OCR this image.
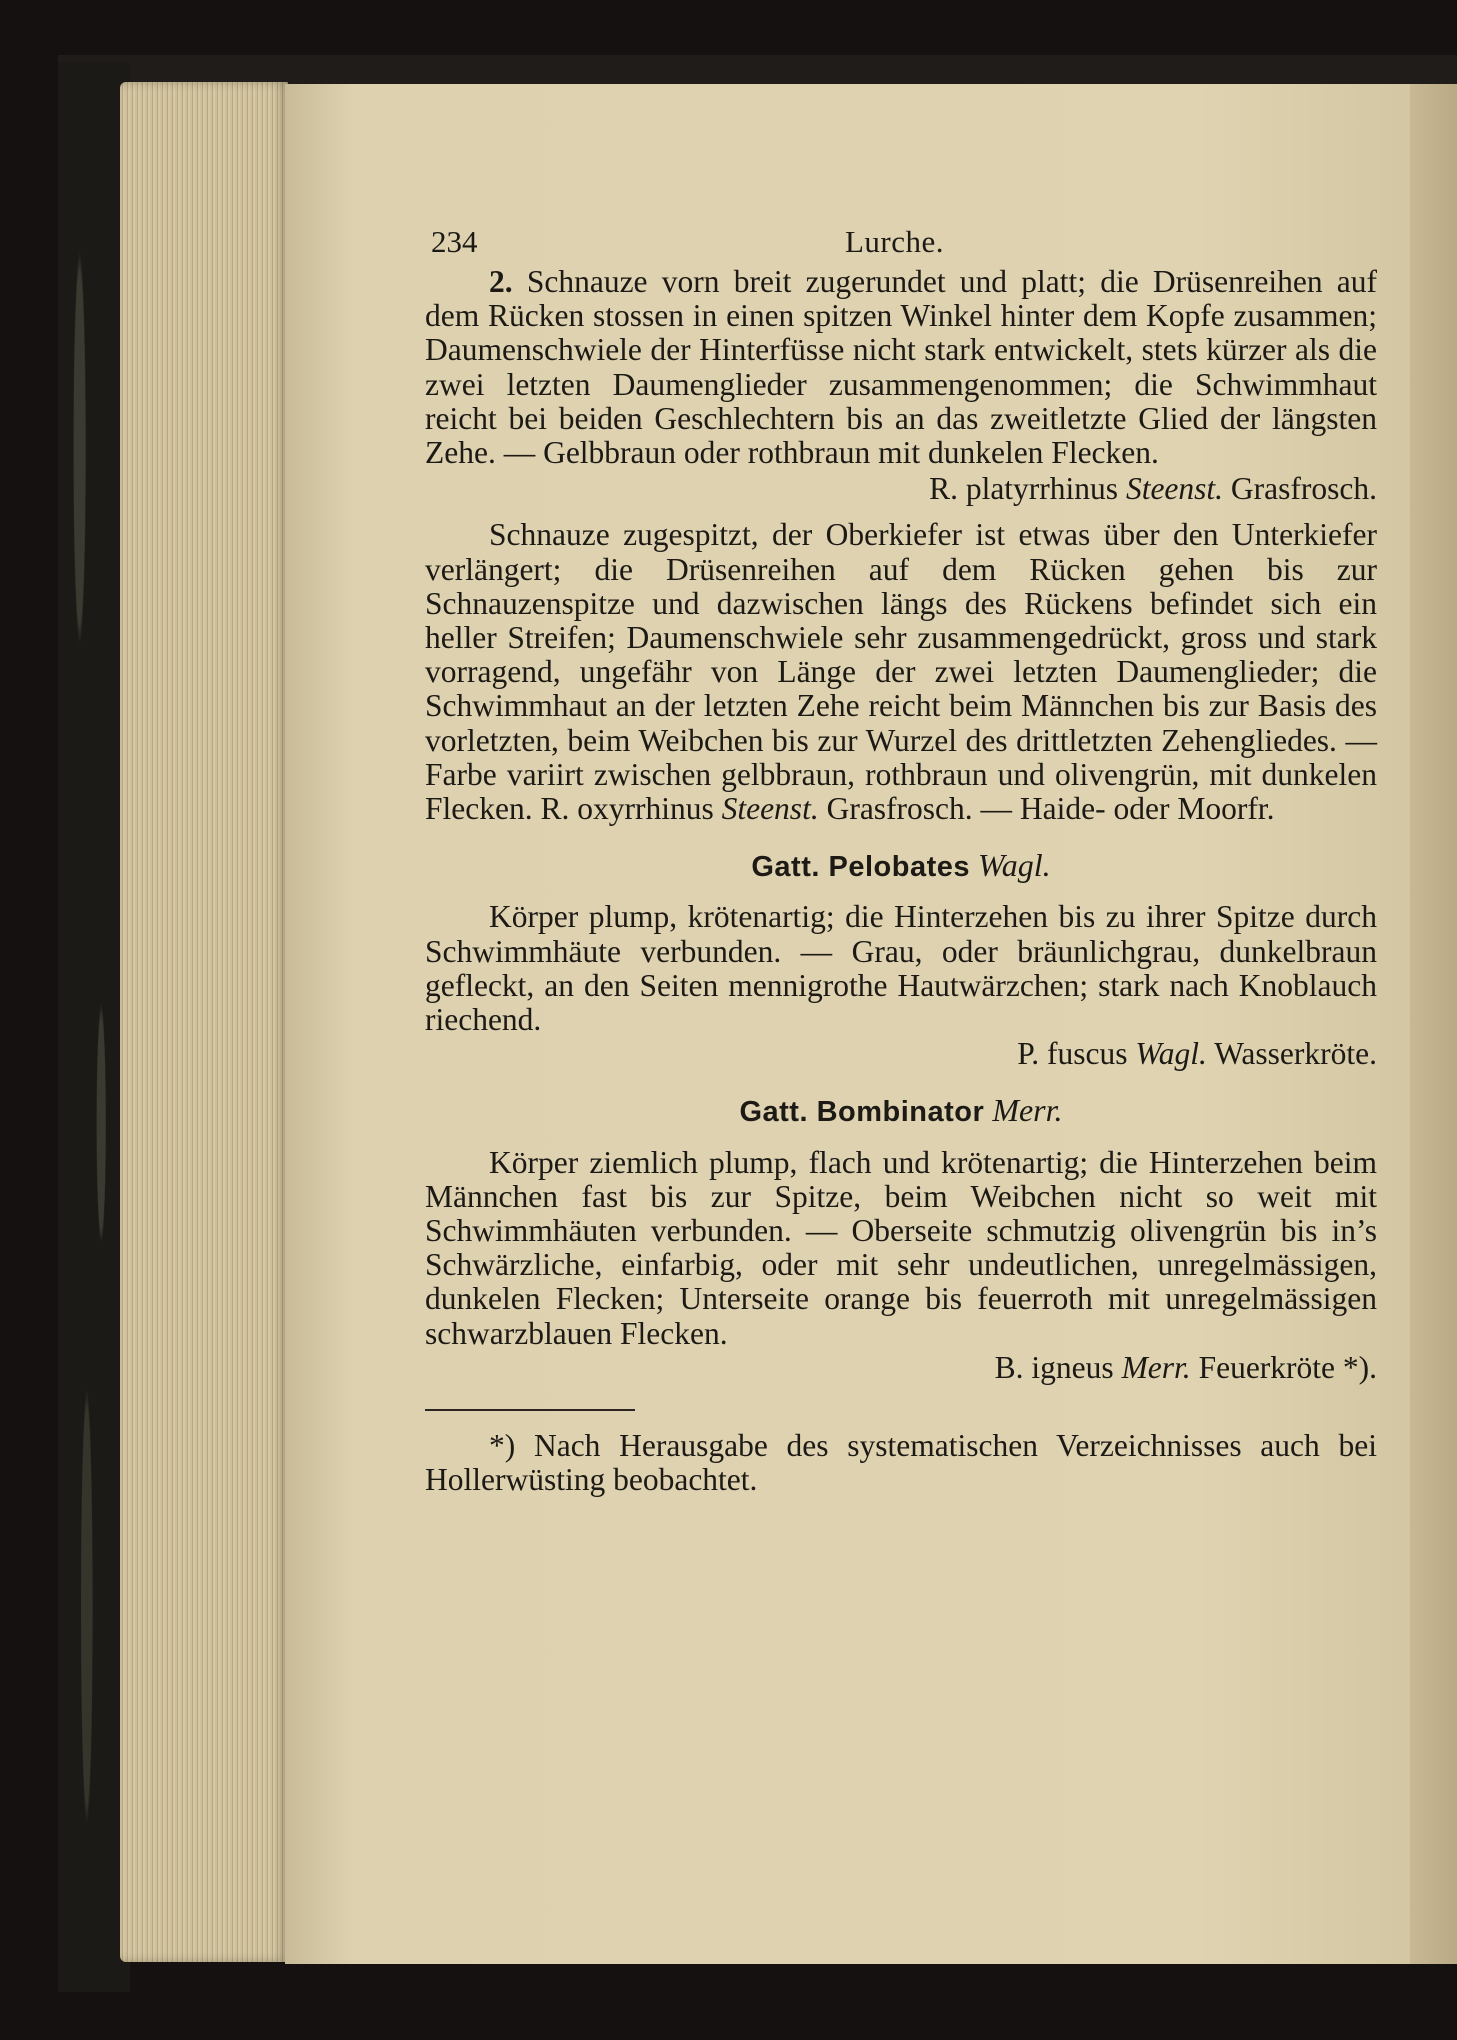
234	Lurche.

2. Schnauze vorn breit zugerundet und platt; die Drüsenreihen auf dem Rücken stossen in einen spitzen Winkel hinter dem Kopfe zusammen; Daumenschwiele der Hinterfüsse nicht stark entwickelt, stets kürzer als die zwei letzten Daumenglieder zusammengenommen; die Schwimmhaut reicht bei beiden Geschlechtern bis an das zweitletzte Glied der längsten Zehe. — Gelbbraun oder rothbraun mit dunkelen Flecken.

R. platyrrhinus Steenst. Grasfrosch.

Schnauze zugespitzt, der Oberkiefer ist etwas über den Unterkiefer verlängert; die Drüsenreihen auf dem Rücken gehen bis zur Schnauzenspitze und dazwischen längs des Rückens befindet sich ein heller Streifen; Daumenschwiele sehr zusammengedrückt, gross und stark vorragend, ungefähr von Länge der zwei letzten Daumenglieder; die Schwimmhaut an der letzten Zehe reicht beim Männchen bis zur Basis des vorletzten, beim Weibchen bis zur Wurzel des drittletzten Zehengliedes. — Farbe variirt zwischen gelbbraun, rothbraun und olivengrün, mit dunkelen Flecken. R. oxyrrhinus Steenst. Grasfrosch. — Haide- oder Moorfr.

Gatt. Pelobates Wagl.

Körper plump, krötenartig; die Hinterzehen bis zu ihrer Spitze durch Schwimmhäute verbunden. — Grau, oder bräunlichgrau, dunkelbraun gefleckt, an den Seiten mennigrothe Hautwärzchen; stark nach Knoblauch riechend.

P. fuscus Wagl. Wasserkröte.

Gatt. Bombinator Merr.

Körper ziemlich plump, flach und krötenartig; die Hinterzehen beim Männchen fast bis zur Spitze, beim Weibchen nicht so weit mit Schwimmhäuten verbunden. — Oberseite schmutzig olivengrün bis in’s Schwärzliche, einfarbig, oder mit sehr undeutlichen, unregelmässigen, dunkelen Flecken; Unterseite orange bis feuerroth mit unregelmässigen schwarzblauen Flecken.

B. igneus Merr. Feuerkröte *).

*) Nach Herausgabe des systematischen Verzeichnisses auch bei Hollerwüsting beobachtet.
